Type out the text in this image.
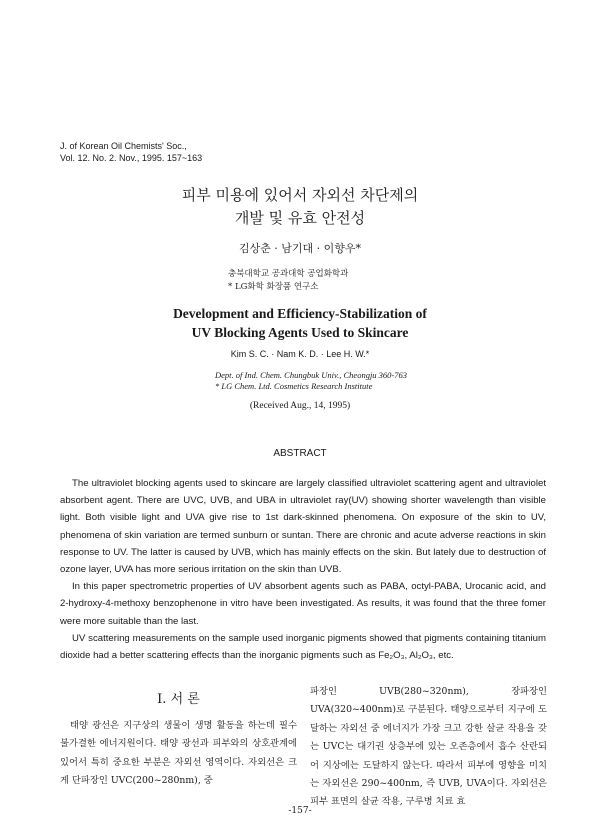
J. of Korean Oil Chemists' Soc.,
Vol. 12. No. 2. Nov., 1995. 157~163
피부 미용에 있어서 자외선 차단제의
개발 및 유효 안전성
김상춘 · 남기대 · 이향우*
충북대학교 공과대학 공업화학과
* LG화학 화장품 연구소
Development and Efficiency-Stabilization of
UV Blocking Agents Used to Skincare
Kim S. C. · Nam K. D. · Lee H. W.*
Dept. of Ind. Chem. Chungbuk Univ., Cheongju 360-763
* LG Chem. Ltd. Cosmetics Research Institute
(Received Aug., 14, 1995)
ABSTRACT

The ultraviolet blocking agents used to skincare are largely classified ultraviolet scattering agent and ultraviolet absorbent agent. There are UVC, UVB, and UBA in ultraviolet ray(UV) showing shorter wavelength than visible light. Both visible light and UVA give rise to 1st dark-skinned phenomena. On exposure of the skin to UV, phenomena of skin variation are termed sunburn or suntan. There are chronic and acute adverse reactions in skin response to UV. The latter is caused by UVB, which has mainly effects on the skin. But lately due to destruction of ozone layer, UVA has more serious irritation on the skin than UVB.

In this paper spectrometric properties of UV absorbent agents such as PABA, octyl-PABA, Urocanic acid, and 2-hydroxy-4-methoxy benzophenone in vitro have been investigated. As results, it was found that the three fomer were more suitable than the last.

UV scattering measurements on the sample used inorganic pigments showed that pigments containing titanium dioxide had a better scattering effects than the inorganic pigments such as Fe₂O₃, Al₂O₃, etc.

I. 서 론

태양 광선은 지구상의 생물이 생명 활동을 하는데 필수 불가결한 에너지원이다. 태양 광선과 피부와의 상호관계에 있어서 특히 중요한 부분은 자외선 영역이다. 자외선은 크게 단파장인 UVC(200~280nm), 중

파장인 UVB(280~320nm), 장파장인 UVA(320~400nm)로 구분된다. 태양으로부터 지구에 도달하는 자외선 중 에너지가 가장 크고 강한 살균 작용을 갖는 UVC는 대기권 상층부에 있는 오존층에서 흡수 산란되어 지상에는 도달하지 않는다. 따라서 피부에 영향을 미치는 자외선은 290~400nm, 즉 UVB, UVA이다. 자외선은 피부 표면의 살균 작용, 구루병 치료 효

-157-
